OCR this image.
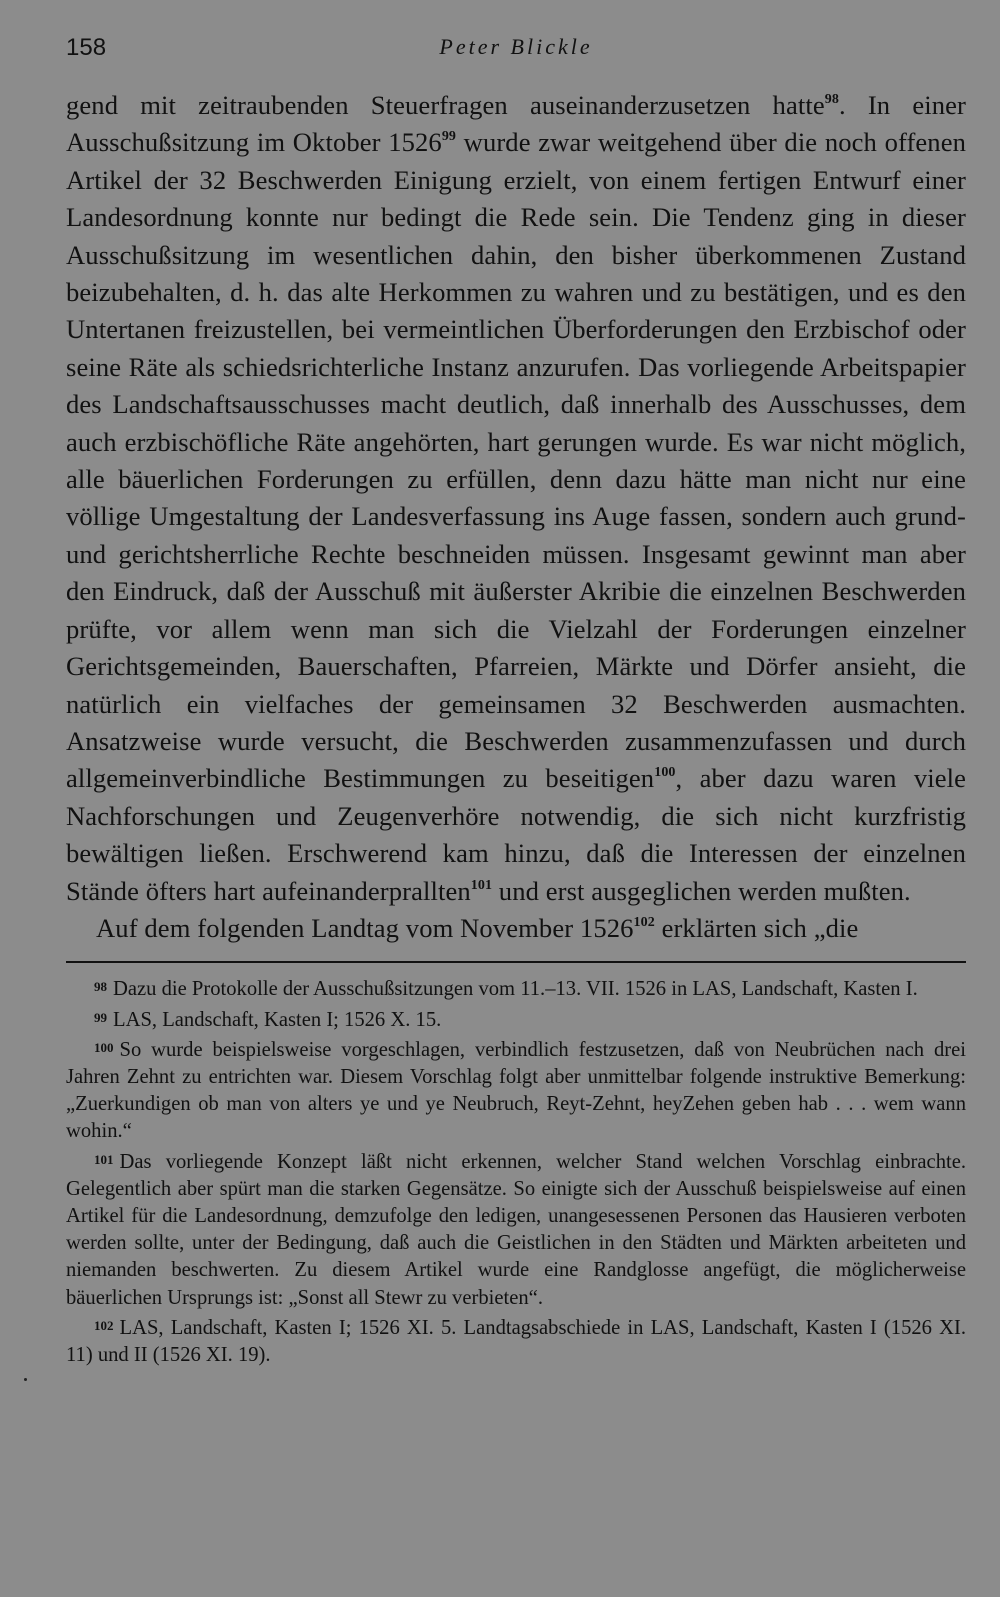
158	Peter Blickle

gend mit zeitraubenden Steuerfragen auseinanderzusetzen hatte$^{98}$. In einer Ausschußsitzung im Oktober 1526$^{99}$ wurde zwar weitgehend über die noch offenen Artikel der 32 Beschwerden Einigung erzielt, von einem fertigen Entwurf einer Landesordnung konnte nur bedingt die Rede sein. Die Tendenz ging in dieser Ausschußsitzung im wesentlichen dahin, den bisher überkommenen Zustand beizubehalten, d. h. das alte Herkommen zu wahren und zu bestätigen, und es den Untertanen freizustellen, bei vermeintlichen Überforderungen den Erzbischof oder seine Räte als schiedsrichterliche Instanz anzurufen. Das vorliegende Arbeitspapier des Landschaftsausschusses macht deutlich, daß innerhalb des Ausschusses, dem auch erzbischöfliche Räte angehörten, hart gerungen wurde. Es war nicht möglich, alle bäuerlichen Forderungen zu erfüllen, denn dazu hätte man nicht nur eine völlige Umgestaltung der Landesverfassung ins Auge fassen, sondern auch grund- und gerichtsherrliche Rechte beschneiden müssen. Insgesamt gewinnt man aber den Eindruck, daß der Ausschuß mit äußerster Akribie die einzelnen Beschwerden prüfte, vor allem wenn man sich die Vielzahl der Forderungen einzelner Gerichtsgemeinden, Bauerschaften, Pfarreien, Märkte und Dörfer ansieht, die natürlich ein vielfaches der gemeinsamen 32 Beschwerden ausmachten. Ansatzweise wurde versucht, die Beschwerden zusammenzufassen und durch allgemeinverbindliche Bestimmungen zu beseitigen$^{100}$, aber dazu waren viele Nachforschungen und Zeugenverhöre notwendig, die sich nicht kurzfristig bewältigen ließen. Erschwerend kam hinzu, daß die Interessen der einzelnen Stände öfters hart aufeinanderprallten$^{101}$ und erst ausgeglichen werden mußten.

Auf dem folgenden Landtag vom November 1526$^{102}$ erklärten sich „die

98 Dazu die Protokolle der Ausschußsitzungen vom 11.–13. VII. 1526 in LAS, Landschaft, Kasten I.

99 LAS, Landschaft, Kasten I; 1526 X. 15.

100 So wurde beispielsweise vorgeschlagen, verbindlich festzusetzen, daß von Neubrüchen nach drei Jahren Zehnt zu entrichten war. Diesem Vorschlag folgt aber unmittelbar folgende instruktive Bemerkung: „Zuerkundigen ob man von alters ye und ye Neubruch, Reyt-Zehnt, heyZehen geben hab . . . wem wann wohin.“

101 Das vorliegende Konzept läßt nicht erkennen, welcher Stand welchen Vorschlag einbrachte. Gelegentlich aber spürt man die starken Gegensätze. So einigte sich der Ausschuß beispielsweise auf einen Artikel für die Landesordnung, demzufolge den ledigen, unangesessenen Personen das Hausieren verboten werden sollte, unter der Bedingung, daß auch die Geistlichen in den Städten und Märkten arbeiteten und niemanden beschwerten. Zu diesem Artikel wurde eine Randglosse angefügt, die möglicherweise bäuerlichen Ursprungs ist: „Sonst all Stewr zu verbieten“.

102 LAS, Landschaft, Kasten I; 1526 XI. 5. Landtagsabschiede in LAS, Landschaft, Kasten I (1526 XI. 11) und II (1526 XI. 19).
